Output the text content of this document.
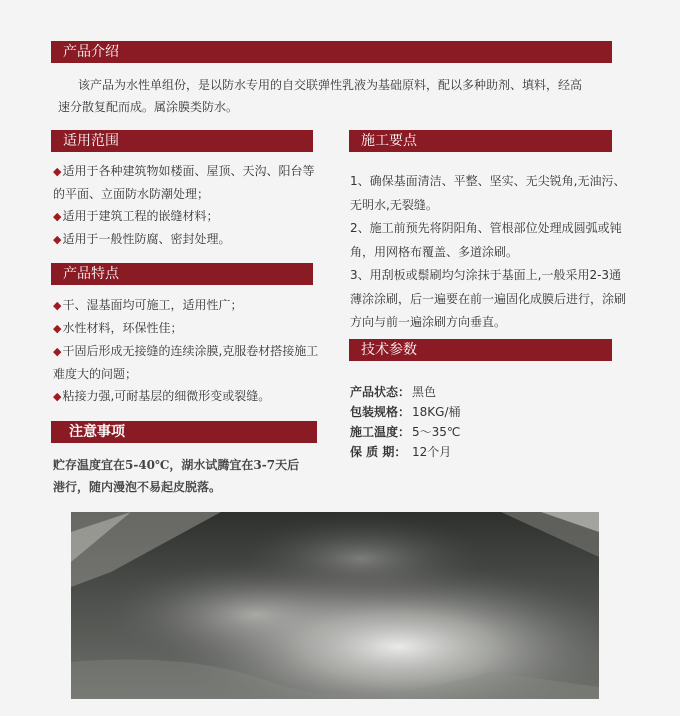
产品介绍
该产品为水性单组份，是以防水专用的自交联弹性乳液为基础原料，配以多种助剂、填料，经高
速分散复配而成。属涂膜类防水。
适用范围
◆适用于各种建筑物如楼面、屋顶、天沟、阳台等
的平面、立面防水防潮处理；
◆适用于建筑工程的嵌缝材料；
◆适用于一般性防腐、密封处理。
产品特点
◆干、湿基面均可施工，适用性广；
◆水性材料，环保性佳；
◆干固后形成无接缝的连续涂膜,克服卷材搭接施工
难度大的问题；
◆粘接力强,可耐基层的细微形变或裂缝。
注意事项
贮存温度宜在5-40℃，湖水试腾宜在3-7天后
港行，随内漫泡不易起皮脱落。
施工要点
1、确保基面清洁、平整、坚实、无尖锐角,无油污、
无明水,无裂缝。
2、施工前预先将阴阳角、管根部位处理成圆弧或钝
角，用网格布覆盖、多道涂刷。
3、用刮板或鬃刷均匀涂抹于基面上,一般采用2-3通
薄涂涂刷，后一遍要在前一遍固化成膜后进行，涂刷
方向与前一遍涂刷方向垂直。
技术参数
产品状态： 黑色
包装规格： 18KG/桶
施工温度： 5～35℃
保 质 期： 12个月
